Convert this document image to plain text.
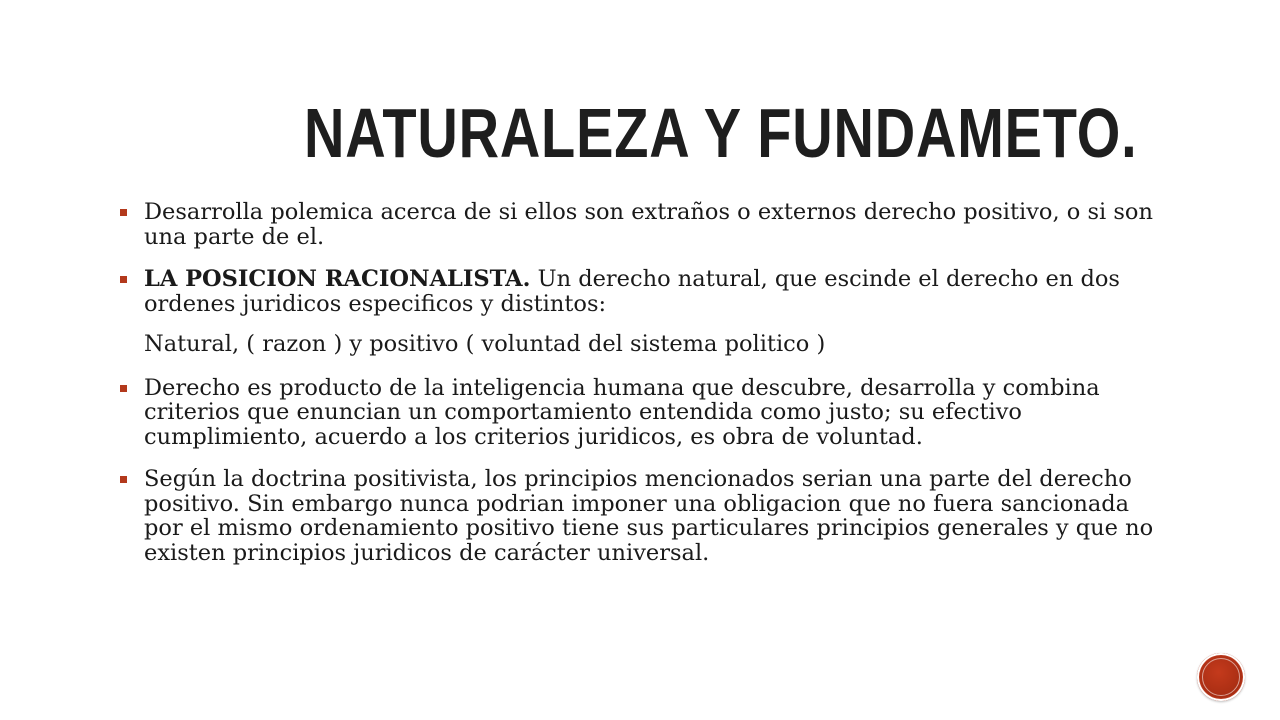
NATURALEZA Y FUNDAMETO.
Desarrolla polemica acerca de si ellos son extraños o externos derecho positivo, o si son una parte de el.
LA POSICION RACIONALISTA. Un derecho natural, que escinde el derecho en dos ordenes juridicos especificos y distintos:
Natural, ( razon ) y positivo ( voluntad del sistema politico )
Derecho es producto de la inteligencia humana que descubre, desarrolla y combina criterios que enuncian un comportamiento entendida como justo; su efectivo cumplimiento, acuerdo a los criterios juridicos, es obra de voluntad.
Según la doctrina positivista, los principios mencionados serian una parte del derecho positivo. Sin embargo nunca podrian imponer una obligacion que no fuera sancionada por el mismo ordenamiento positivo tiene sus particulares principios generales y que no existen principios juridicos de carácter universal.
